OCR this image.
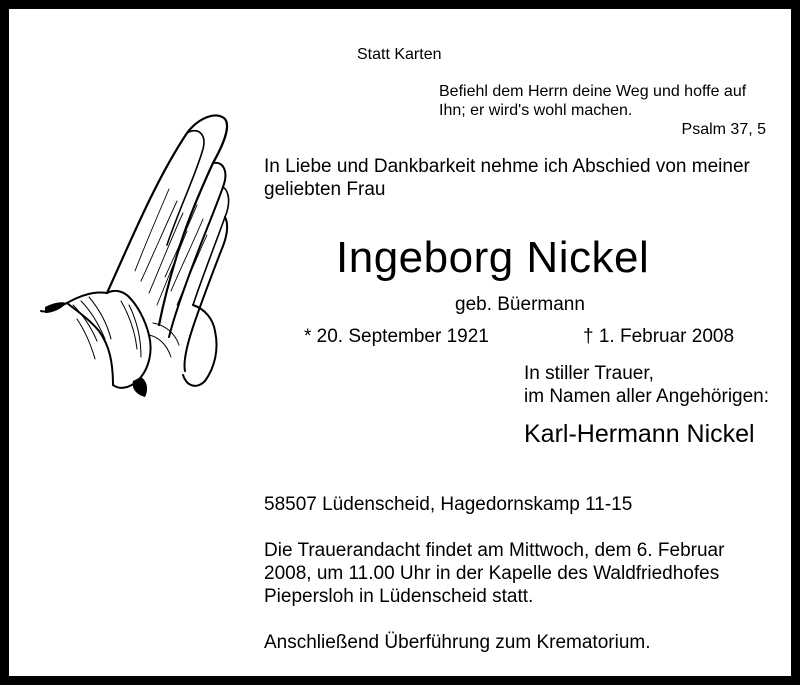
Statt Karten
Befiehl dem Herrn deine Weg und hoffe auf
Ihn; er wird's wohl machen.
Psalm 37, 5
In Liebe und Dankbarkeit nehme ich Abschied von meiner
geliebten Frau
Ingeborg Nickel
geb. Büermann
* 20. September 1921	† 1. Februar 2008
In stiller Trauer,
im Namen aller Angehörigen:
Karl-Hermann Nickel
58507 Lüdenscheid, Hagedornskamp 11-15
Die Trauerandacht findet am Mittwoch, dem 6. Februar
2008, um 11.00 Uhr in der Kapelle des Waldfriedhofes
Piepersloh in Lüdenscheid statt.
Anschließend Überführung zum Krematorium.
